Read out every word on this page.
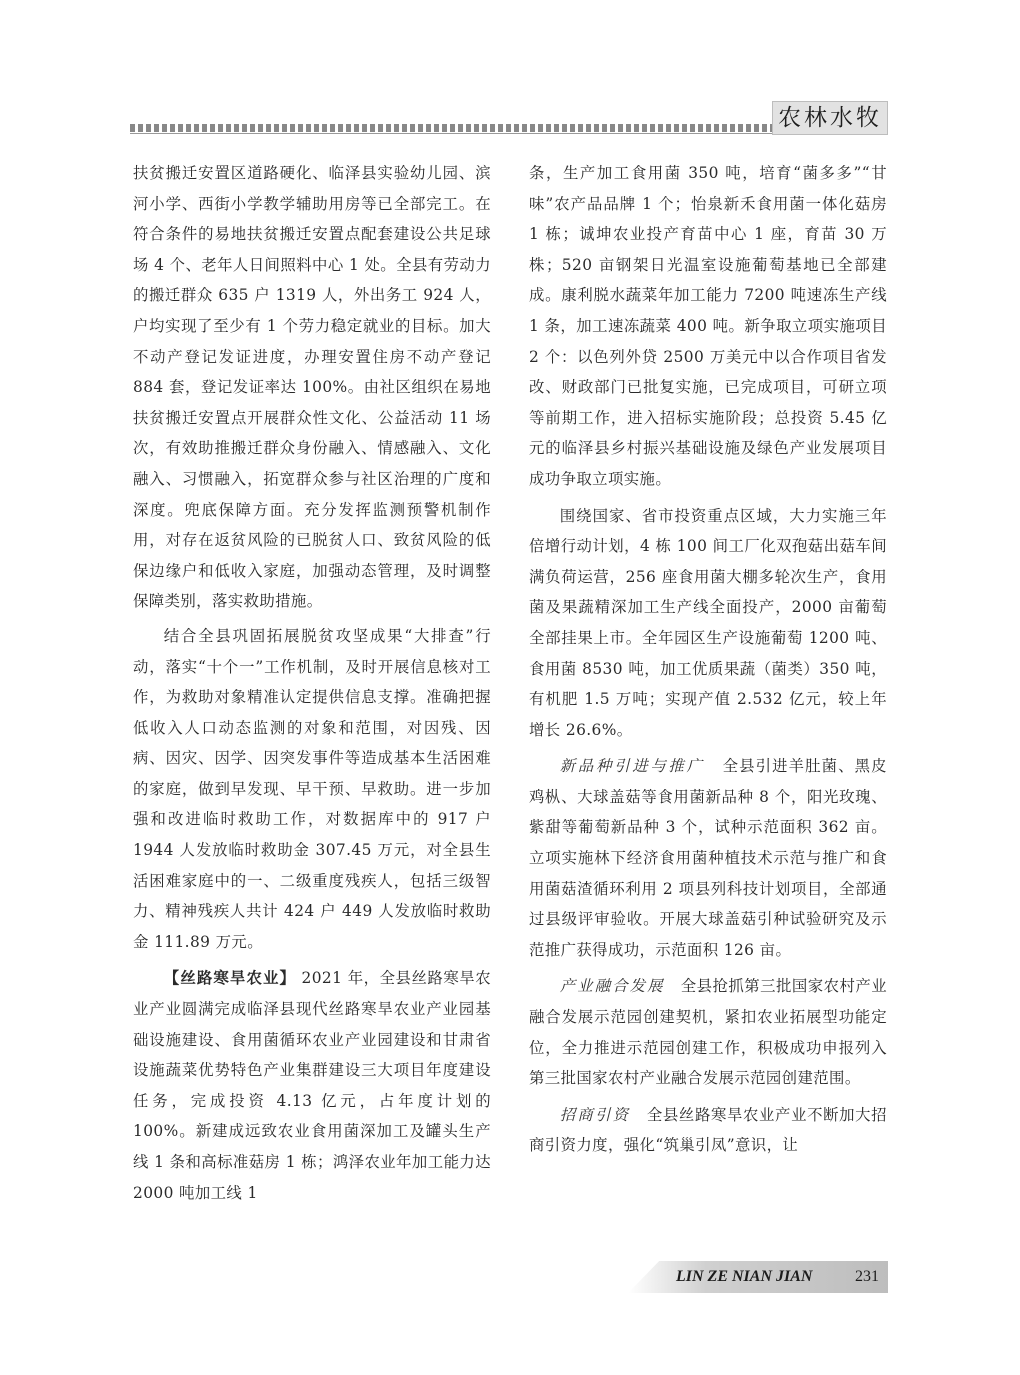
农林水牧

扶贫搬迁安置区道路硬化、临泽县实验幼儿园、滨河小学、西街小学教学辅助用房等已全部完工。在符合条件的易地扶贫搬迁安置点配套建设公共足球场 4 个、老年人日间照料中心 1 处。全县有劳动力的搬迁群众 635 户 1319 人，外出务工 924 人，户均实现了至少有 1 个劳力稳定就业的目标。加大不动产登记发证进度，办理安置住房不动产登记 884 套，登记发证率达 100%。由社区组织在易地扶贫搬迁安置点开展群众性文化、公益活动 11 场次，有效助推搬迁群众身份融入、情感融入、文化融入、习惯融入，拓宽群众参与社区治理的广度和深度。兜底保障方面。充分发挥监测预警机制作用，对存在返贫风险的已脱贫人口、致贫风险的低保边缘户和低收入家庭，加强动态管理，及时调整保障类别，落实救助措施。

结合全县巩固拓展脱贫攻坚成果“大排查”行动，落实“十个一”工作机制，及时开展信息核对工作，为救助对象精准认定提供信息支撑。准确把握低收入人口动态监测的对象和范围，对因残、因病、因灾、因学、因突发事件等造成基本生活困难的家庭，做到早发现、早干预、早救助。进一步加强和改进临时救助工作，对数据库中的 917 户 1944 人发放临时救助金 307.45 万元，对全县生活困难家庭中的一、二级重度残疾人，包括三级智力、精神残疾人共计 424 户 449 人发放临时救助金 111.89 万元。

【丝路寒旱农业】 2021 年，全县丝路寒旱农业产业圆满完成临泽县现代丝路寒旱农业产业园基础设施建设、食用菌循环农业产业园建设和甘肃省设施蔬菜优势特色产业集群建设三大项目年度建设任务，完成投资 4.13 亿元，占年度计划的 100%。新建成远致农业食用菌深加工及罐头生产线 1 条和高标准菇房 1 栋；鸿泽农业年加工能力达 2000 吨加工线 1

条，生产加工食用菌 350 吨，培育“菌多多”“甘味”农产品品牌 1 个；怡泉新禾食用菌一体化菇房 1 栋；诚坤农业投产育苗中心 1 座，育苗 30 万株；520 亩钢架日光温室设施葡萄基地已全部建成。康利脱水蔬菜年加工能力 7200 吨速冻生产线 1 条，加工速冻蔬菜 400 吨。新争取立项实施项目 2 个：以色列外贷 2500 万美元中以合作项目省发改、财政部门已批复实施，已完成项目，可研立项等前期工作，进入招标实施阶段；总投资 5.45 亿元的临泽县乡村振兴基础设施及绿色产业发展项目成功争取立项实施。

围绕国家、省市投资重点区域，大力实施三年倍增行动计划，4 栋 100 间工厂化双孢菇出菇车间满负荷运营，256 座食用菌大棚多轮次生产，食用菌及果蔬精深加工生产线全面投产，2000 亩葡萄全部挂果上市。全年园区生产设施葡萄 1200 吨、食用菌 8530 吨，加工优质果蔬（菌类）350 吨，有机肥 1.5 万吨；实现产值 2.532 亿元，较上年增长 26.6%。

新品种引进与推广 全县引进羊肚菌、黑皮鸡枞、大球盖菇等食用菌新品种 8 个，阳光玫瑰、紫甜等葡萄新品种 3 个，试种示范面积 362 亩。立项实施林下经济食用菌种植技术示范与推广和食用菌菇渣循环利用 2 项县列科技计划项目，全部通过县级评审验收。开展大球盖菇引种试验研究及示范推广获得成功，示范面积 126 亩。

产业融合发展 全县抢抓第三批国家农村产业融合发展示范园创建契机，紧扣农业拓展型功能定位，全力推进示范园创建工作，积极成功申报列入第三批国家农村产业融合发展示范园创建范围。

招商引资 全县丝路寒旱农业产业不断加大招商引资力度，强化“筑巢引凤”意识，让

LIN ZE NIAN JIAN	231
